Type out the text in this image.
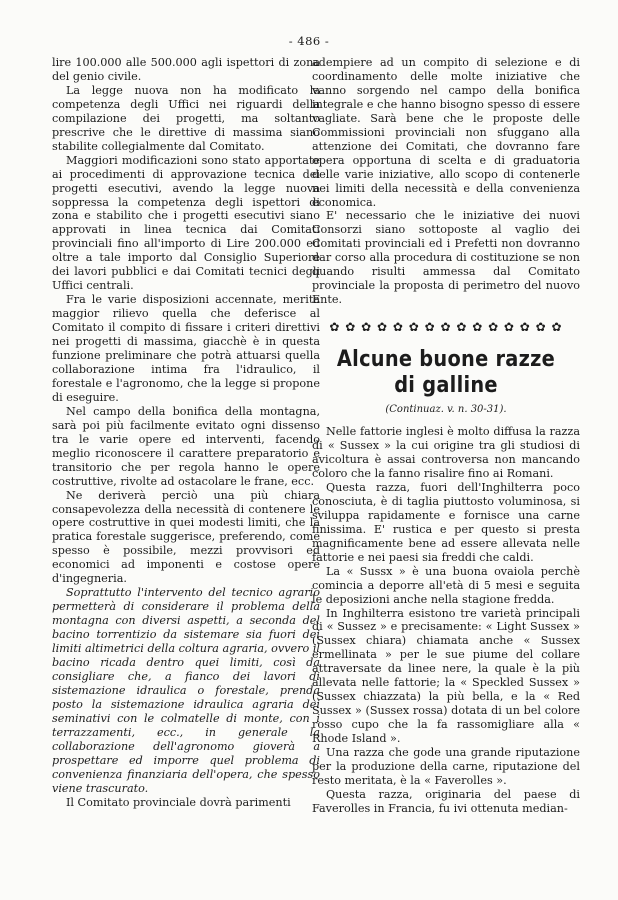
- 486 -

lire 100.000 alle 500.000 agli ispettori di zona del genio civile.

La legge nuova non ha modificato la competenza degli Uffici nei riguardi della compilazione dei progetti, ma soltanto prescrive che le direttive di massima siano stabilite collegialmente dal Comitato.

Maggiori modificazioni sono stato apportate ai procedimenti di approvazione tecnica dei progetti esecutivi, avendo la legge nuova soppressa la competenza degli ispettori di zona e stabilito che i progetti esecutivi siano approvati in linea tecnica dai Comitati provinciali fino all'importo di Lire 200.000 ed oltre a tale importo dal Consiglio Superiore dei lavori pubblici e dai Comitati tecnici degli Uffici centrali.

Fra le varie disposizioni accennate, merita maggior rilievo quella che deferisce al Comitato il compito di fissare i criteri direttivi nei progetti di massima, giacchè è in questa funzione preliminare che potrà attuarsi quella collaborazione intima fra l'idraulico, il forestale e l'agronomo, che la legge si propone di eseguire.

Nel campo della bonifica della montagna, sarà poi più facilmente evitato ogni dissenso tra le varie opere ed interventi, facendo meglio riconoscere il carattere preparatorio e transitorio che per regola hanno le opere costruttive, rivolte ad ostacolare le frane, ecc.

Ne deriverà perciò una più chiara consapevolezza della necessità di contenere le opere costruttive in quei modesti limiti, che la pratica forestale suggerisce, preferendo, come spesso è possibile, mezzi provvisori ed economici ad imponenti e costose opere d'ingegneria.

Soprattutto l'intervento del tecnico agrario permetterà di considerare il problema della montagna con diversi aspetti, a seconda del bacino torrentizio da sistemare sia fuori dei limiti altimetrici della coltura agraria, ovvero il bacino ricada dentro quei limiti, così da consigliare che, a fianco dei lavori di sistemazione idraulica o forestale, prenda posto la sistemazione idraulica agraria dei seminativi con le colmatelle di monte, con i terrazzamenti, ecc., in generale la collaborazione dell'agronomo gioverà a prospettare ed imporre quel problema di convenienza finanziaria dell'opera, che spesso viene trascurato.

Il Comitato provinciale dovrà parimenti

adempiere ad un compito di selezione e di coordinamento delle molte iniziative che vanno sorgendo nel campo della bonifica integrale e che hanno bisogno spesso di essere vagliate. Sarà bene che le proposte delle Commissioni provinciali non sfuggano alla attenzione dei Comitati, che dovranno fare opera opportuna di scelta e di graduatoria delle varie iniziative, allo scopo di contenerle nei limiti della necessità e della convenienza economica.

E' necessario che le iniziative dei nuovi Consorzi siano sottoposte al vaglio dei Comitati provinciali ed i Prefetti non dovranno dar corso alla procedura di costituzione se non quando risulti ammessa dal Comitato provinciale la proposta di perimetro del nuovo Ente.

✿ ✿ ✿ ✿ ✿ ✿ ✿ ✿ ✿ ✿ ✿ ✿ ✿ ✿ ✿
Alcune buone razze di galline
(Continuaz. v. n. 30-31).

Nelle fattorie inglesi è molto diffusa la razza di « Sussex » la cui origine tra gli studiosi di avicoltura è assai controversa non mancando coloro che la fanno risalire fino ai Romani.

Questa razza, fuori dell'Inghilterra poco conosciuta, è di taglia piuttosto voluminosa, si sviluppa rapidamente e fornisce una carne finissima. E' rustica e per questo si presta magnificamente bene ad essere allevata nelle fattorie e nei paesi sia freddi che caldi.

La « Sussx » è una buona ovaiola perchè comincia a deporre all'età di 5 mesi e seguita le deposizioni anche nella stagione fredda.

In Inghilterra esistono tre varietà principali di « Sussez » e precisamente: « Light Sussex » (Sussex chiara) chiamata anche « Sussex ermellinata » per le sue piume del collare attraversate da linee nere, la quale è la più allevata nelle fattorie; la « Speckled Sussex » (Sussex chiazzata) la più bella, e la « Red Sussex » (Sussex rossa) dotata di un bel colore rosso cupo che la fa rassomigliare alla « Rhode Island ».

Una razza che gode una grande riputazione per la produzione della carne, riputazione del resto meritata, è la « Faverolles ».

Questa razza, originaria del paese di Faverolles in Francia, fu ivi ottenuta median-
